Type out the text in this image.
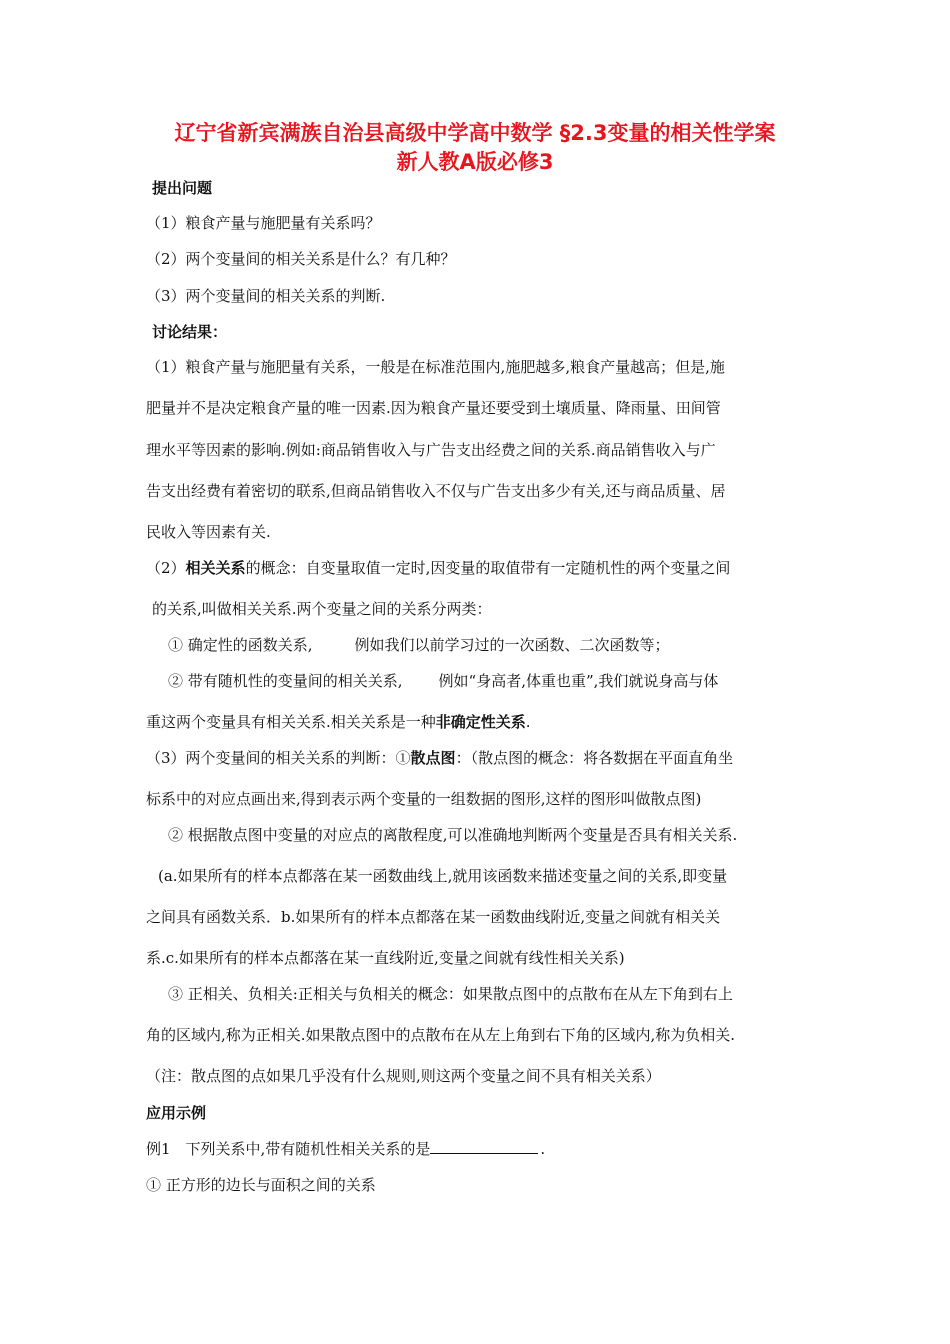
辽宁省新宾满族自治县高级中学高中数学 §2.3变量的相关性学案
新人教A版必修3
提出问题
（1）粮食产量与施肥量有关系吗？
（2）两个变量间的相关关系是什么？有几种？
（3）两个变量间的相关关系的判断.
讨论结果：
（1）粮食产量与施肥量有关系，一般是在标准范围内,施肥越多,粮食产量越高；但是,施
肥量并不是决定粮食产量的唯一因素.因为粮食产量还要受到土壤质量、降雨量、田间管
理水平等因素的影响.例如:商品销售收入与广告支出经费之间的关系.商品销售收入与广
告支出经费有着密切的联系,但商品销售收入不仅与广告支出多少有关,还与商品质量、居
民收入等因素有关.
（2）相关关系的概念：自变量取值一定时,因变量的取值带有一定随机性的两个变量之间
的关系,叫做相关关系.两个变量之间的关系分两类：
① 确定性的函数关系,	例如我们以前学习过的一次函数、二次函数等；
② 带有随机性的变量间的相关关系, 例如“身高者,体重也重”,我们就说身高与体
重这两个变量具有相关关系.相关关系是一种非确定性关系.
（3）两个变量间的相关关系的判断：①散点图：（散点图的概念：将各数据在平面直角坐
标系中的对应点画出来,得到表示两个变量的一组数据的图形,这样的图形叫做散点图)
② 根据散点图中变量的对应点的离散程度,可以准确地判断两个变量是否具有相关关系.
(a.如果所有的样本点都落在某一函数曲线上,就用该函数来描述变量之间的关系,即变量
之间具有函数关系．b.如果所有的样本点都落在某一函数曲线附近,变量之间就有相关关
系.c.如果所有的样本点都落在某一直线附近,变量之间就有线性相关关系)
③ 正相关、负相关:正相关与负相关的概念：如果散点图中的点散布在从左下角到右上
角的区域内,称为正相关.如果散点图中的点散布在从左上角到右下角的区域内,称为负相关.
（注：散点图的点如果几乎没有什么规则,则这两个变量之间不具有相关关系）
应用示例
例1　下列关系中,带有随机性相关关系的是	.
① 正方形的边长与面积之间的关系
